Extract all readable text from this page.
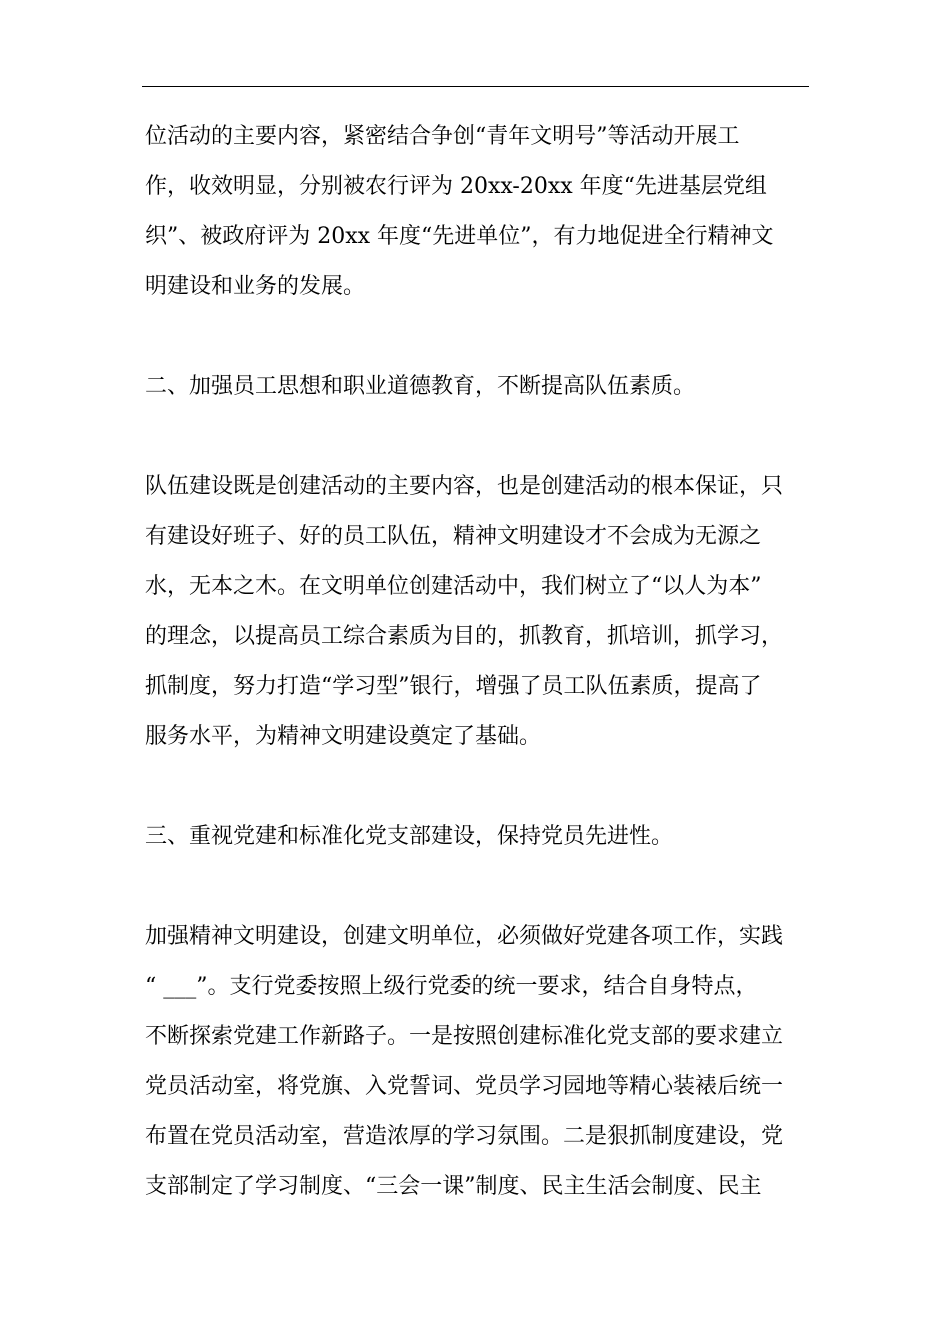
位活动的主要内容，紧密结合争创“青年文明号”等活动开展工
作，收效明显，分别被农行评为 20xx-20xx 年度“先进基层党组
织”、被政府评为 20xx 年度“先进单位”，有力地促进全行精神文
明建设和业务的发展。
二、加强员工思想和职业道德教育，不断提高队伍素质。
队伍建设既是创建活动的主要内容，也是创建活动的根本保证，只
有建设好班子、好的员工队伍，精神文明建设才不会成为无源之
水，无本之木。在文明单位创建活动中，我们树立了“以人为本”
的理念，以提高员工综合素质为目的，抓教育，抓培训，抓学习，
抓制度，努力打造“学习型”银行，增强了员工队伍素质，提高了
服务水平，为精神文明建设奠定了基础。
三、重视党建和标准化党支部建设，保持党员先进性。
加强精神文明建设，创建文明单位，必须做好党建各项工作，实践
“ ___”。支行党委按照上级行党委的统一要求，结合自身特点，
不断探索党建工作新路子。一是按照创建标准化党支部的要求建立
党员活动室，将党旗、入党誓词、党员学习园地等精心装裱后统一
布置在党员活动室，营造浓厚的学习氛围。二是狠抓制度建设，党
支部制定了学习制度、“三会一课”制度、民主生活会制度、民主
